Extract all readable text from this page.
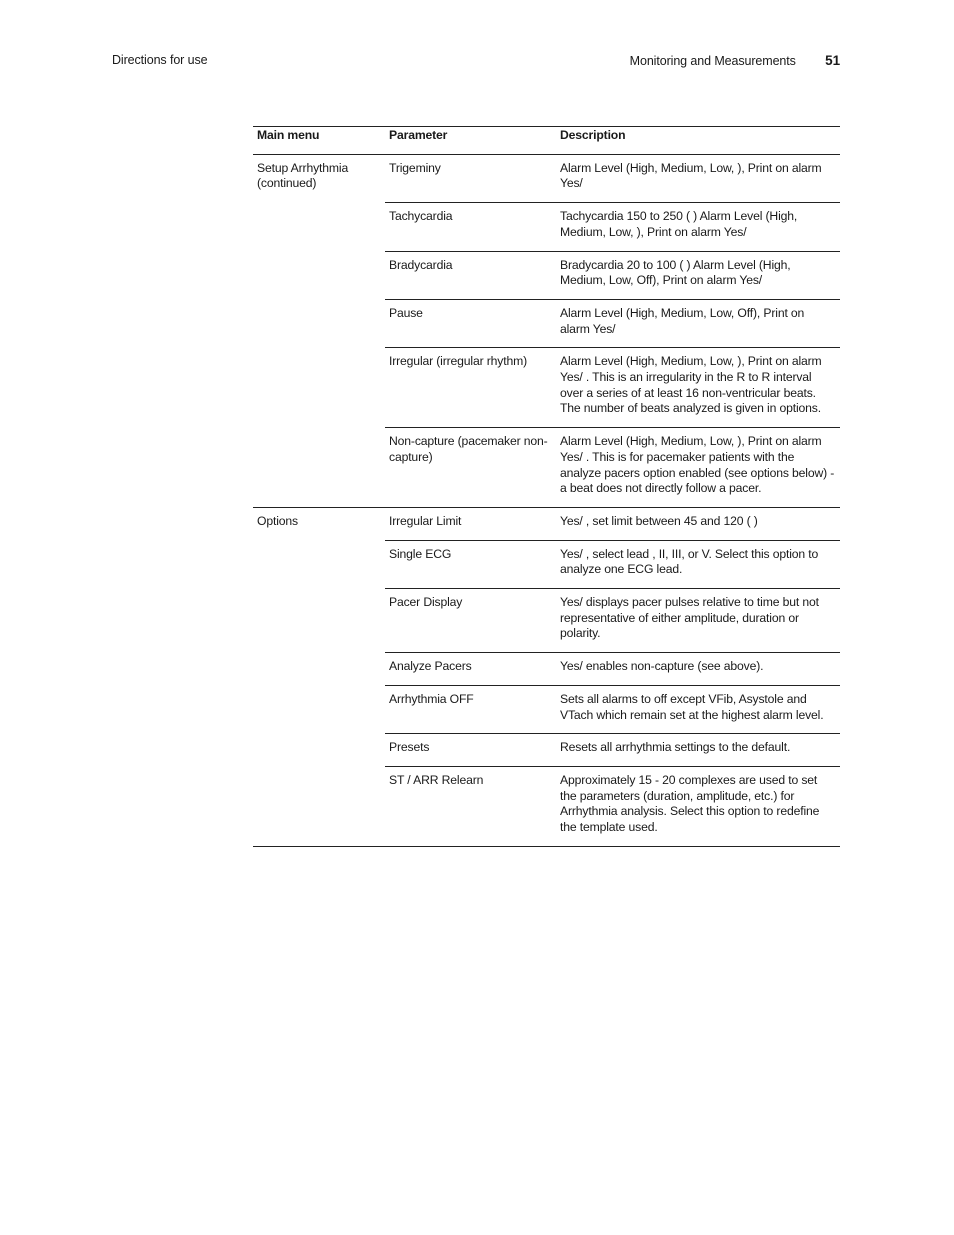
Directions for use	Monitoring and Measurements 51
Main menu	Parameter	Description
Setup Arrhythmia (continued)	Trigeminy	Alarm Level (High, Medium, Low, ), Print on alarm Yes/
	Tachycardia	Tachycardia 150 to 250 ( ) Alarm Level (High, Medium, Low, ), Print on alarm Yes/
	Bradycardia	Bradycardia 20 to 100 ( ) Alarm Level (High, Medium, Low, Off), Print on alarm Yes/
	Pause	Alarm Level (High, Medium, Low, Off), Print on alarm Yes/
	Irregular (irregular rhythm)	Alarm Level (High, Medium, Low, ), Print on alarm Yes/ . This is an irregularity in the R to R interval over a series of at least 16 non-ventricular beats. The number of beats analyzed is given in options.
	Non-capture (pacemaker non-capture)	Alarm Level (High, Medium, Low, ), Print on alarm Yes/ . This is for pacemaker patients with the analyze pacers option enabled (see options below) - a beat does not directly follow a pacer.
Options	Irregular Limit	Yes/ , set limit between 45 and 120 ( )
	Single ECG	Yes/ , select lead , II, III, or V. Select this option to analyze one ECG lead.
	Pacer Display	Yes/ displays pacer pulses relative to time but not representative of either amplitude, duration or polarity.
	Analyze Pacers	Yes/ enables non-capture (see above).
	Arrhythmia OFF	Sets all alarms to off except VFib, Asystole and VTach which remain set at the highest alarm level.
	Presets	Resets all arrhythmia settings to the default.
	ST / ARR Relearn	Approximately 15 - 20 complexes are used to set the parameters (duration, amplitude, etc.) for Arrhythmia analysis. Select this option to redefine the template used.
